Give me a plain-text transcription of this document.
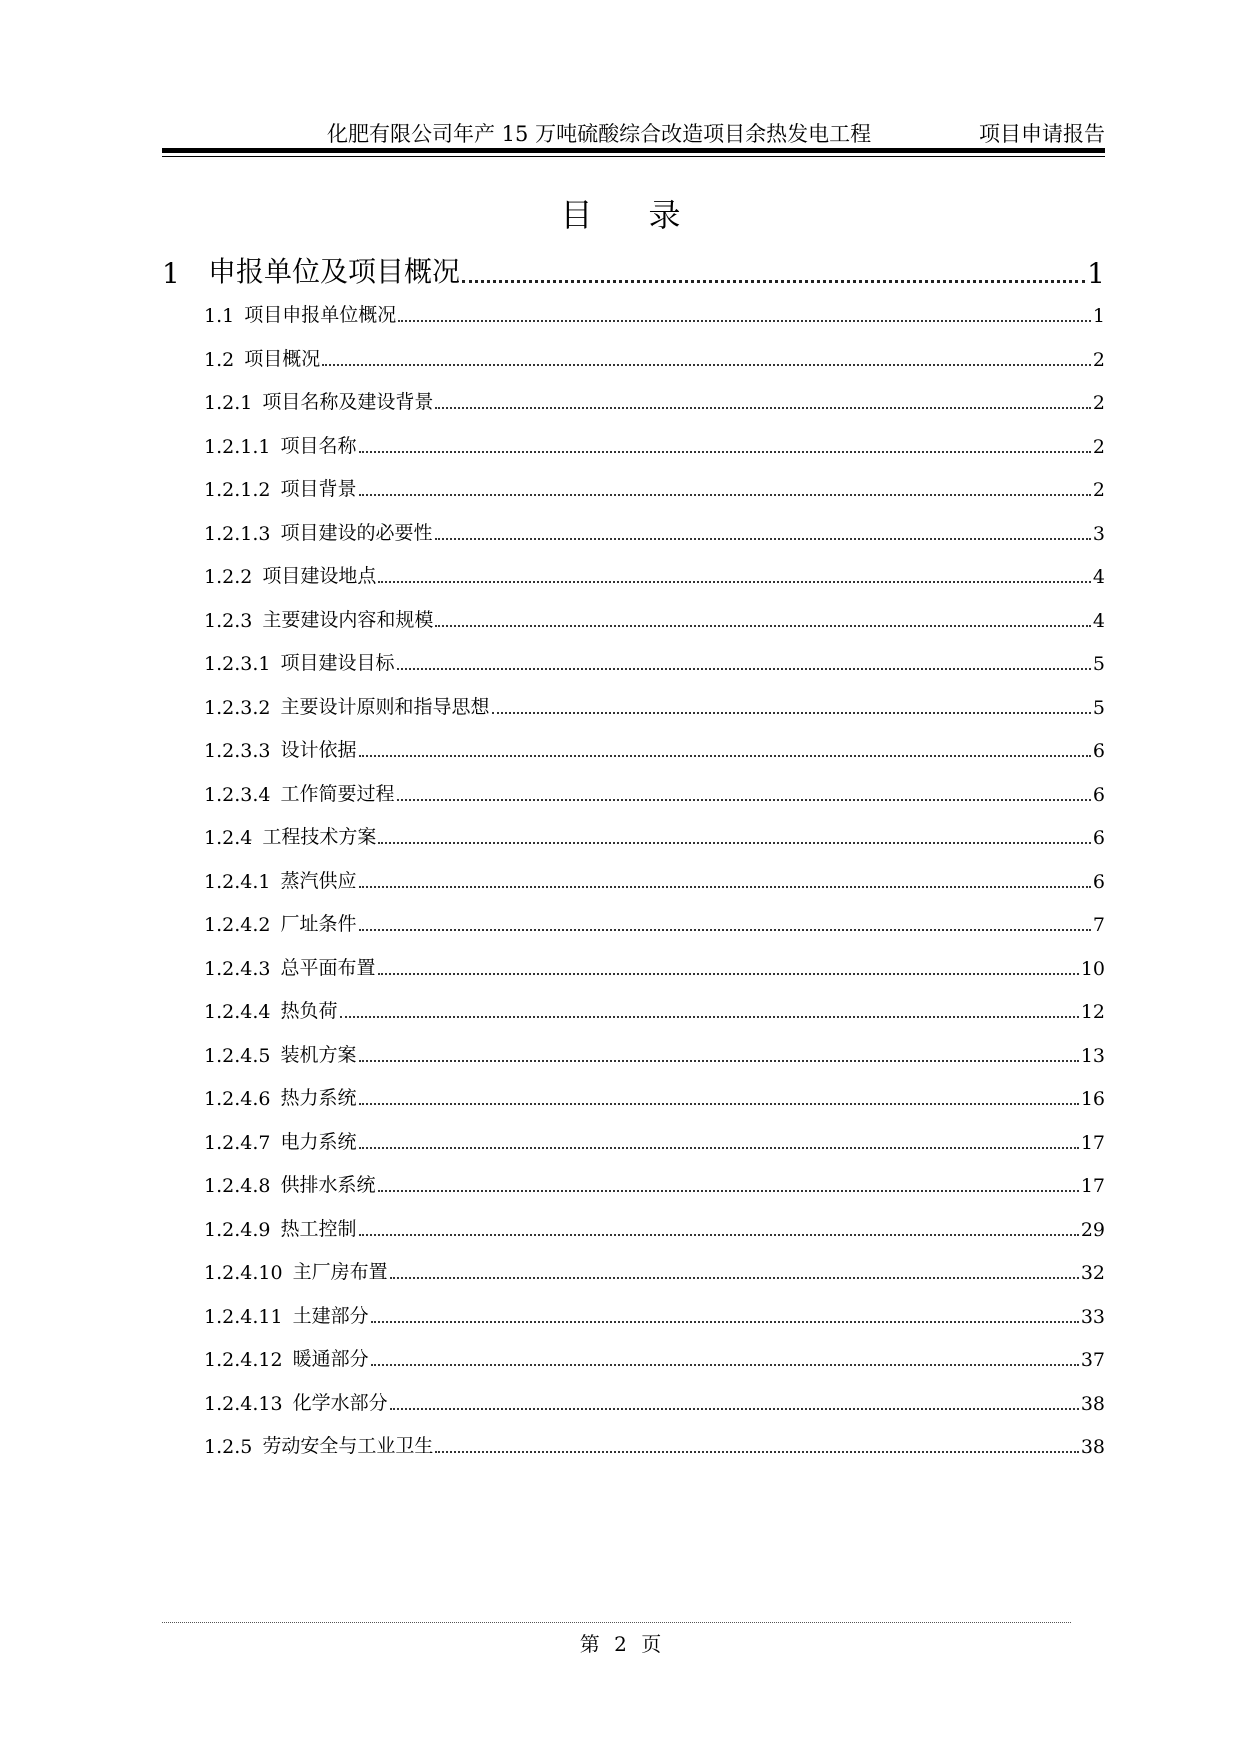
化肥有限公司年产 15 万吨硫酸综合改造项目余热发电工程	项目申请报告
目录
1	申报单位及项目概况	1
1.1 项目申报单位概况	1
1.2 项目概况	2
1.2.1 项目名称及建设背景	2
1.2.1.1 项目名称	2
1.2.1.2 项目背景	2
1.2.1.3 项目建设的必要性	3
1.2.2 项目建设地点	4
1.2.3 主要建设内容和规模	4
1.2.3.1 项目建设目标	5
1.2.3.2 主要设计原则和指导思想	5
1.2.3.3 设计依据	6
1.2.3.4 工作简要过程	6
1.2.4 工程技术方案	6
1.2.4.1 蒸汽供应	6
1.2.4.2 厂址条件	7
1.2.4.3 总平面布置	10
1.2.4.4 热负荷	12
1.2.4.5 装机方案	13
1.2.4.6 热力系统	16
1.2.4.7 电力系统	17
1.2.4.8 供排水系统	17
1.2.4.9 热工控制	29
1.2.4.10 主厂房布置	32
1.2.4.11 土建部分	33
1.2.4.12 暖通部分	37
1.2.4.13 化学水部分	38
1.2.5 劳动安全与工业卫生	38
第 2 页
